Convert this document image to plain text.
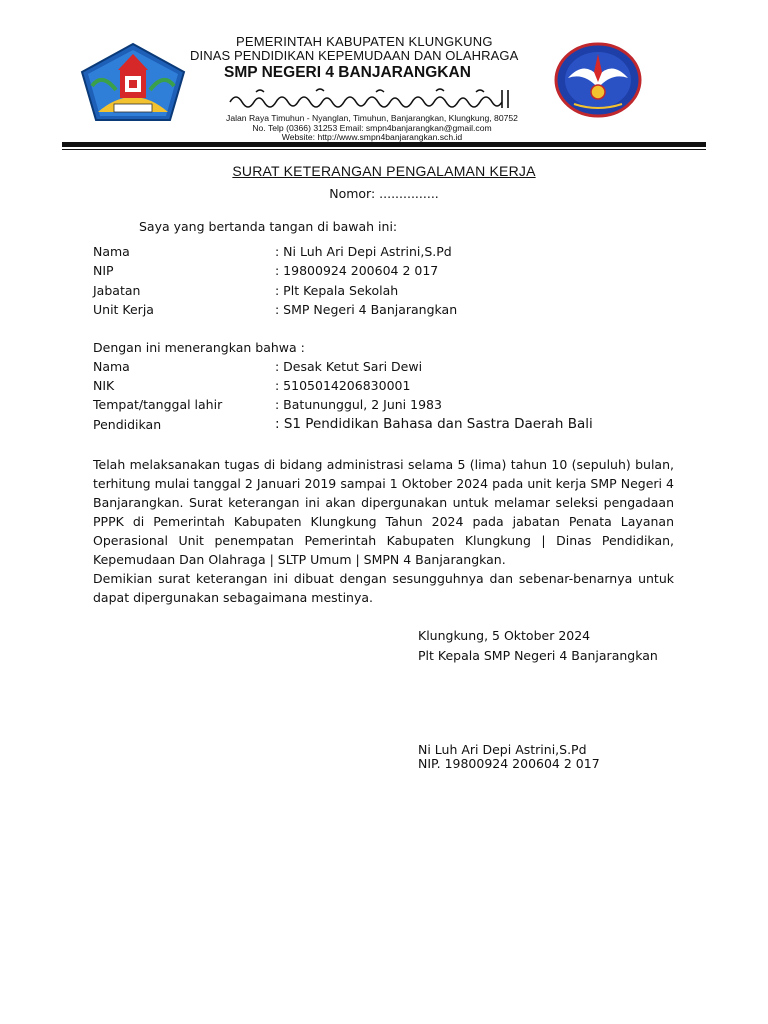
PEMERINTAH KABUPATEN KLUNGKUNG
DINAS PENDIDIKAN KEPEMUDAAN DAN OLAHRAGA
SMP NEGERI 4 BANJARANGKAN
Jalan Raya Timuhun - Nyanglan, Timuhun, Banjarangkan, Klungkung, 80752
No. Telp (0366) 31253 Email: smpn4banjarangkan@gmail.com
Website: http://www.smpn4banjarangkan.sch.id
SURAT KETERANGAN PENGALAMAN KERJA
Nomor: ...............
Saya yang bertanda tangan di bawah ini:
Nama	: Ni Luh Ari Depi Astrini,S.Pd
NIP	: 19800924 200604 2 017
Jabatan	: Plt Kepala Sekolah
Unit Kerja	: SMP Negeri 4 Banjarangkan
Dengan ini menerangkan bahwa :
Nama	: Desak Ketut Sari Dewi
NIK	: 5105014206830001
Tempat/tanggal lahir	: Batununggul, 2 Juni 1983
Pendidikan	: S1 Pendidikan Bahasa dan Sastra Daerah Bali
Telah melaksanakan tugas di bidang administrasi selama 5 (lima) tahun 10 (sepuluh) bulan, terhitung mulai tanggal 2 Januari 2019 sampai 1 Oktober 2024 pada unit kerja SMP Negeri 4 Banjarangkan. Surat keterangan ini akan dipergunakan untuk melamar seleksi pengadaan PPPK di Pemerintah Kabupaten Klungkung Tahun 2024 pada jabatan Penata Layanan Operasional Unit penempatan Pemerintah Kabupaten Klungkung | Dinas Pendidikan, Kepemudaan Dan Olahraga | SLTP Umum | SMPN 4 Banjarangkan.
Demikian surat keterangan ini dibuat dengan sesungguhnya dan sebenar-benarnya untuk dapat dipergunakan sebagaimana mestinya.
Klungkung, 5 Oktober 2024
Plt Kepala SMP Negeri 4 Banjarangkan
Ni Luh Ari Depi Astrini,S.Pd
NIP. 19800924 200604 2 017
